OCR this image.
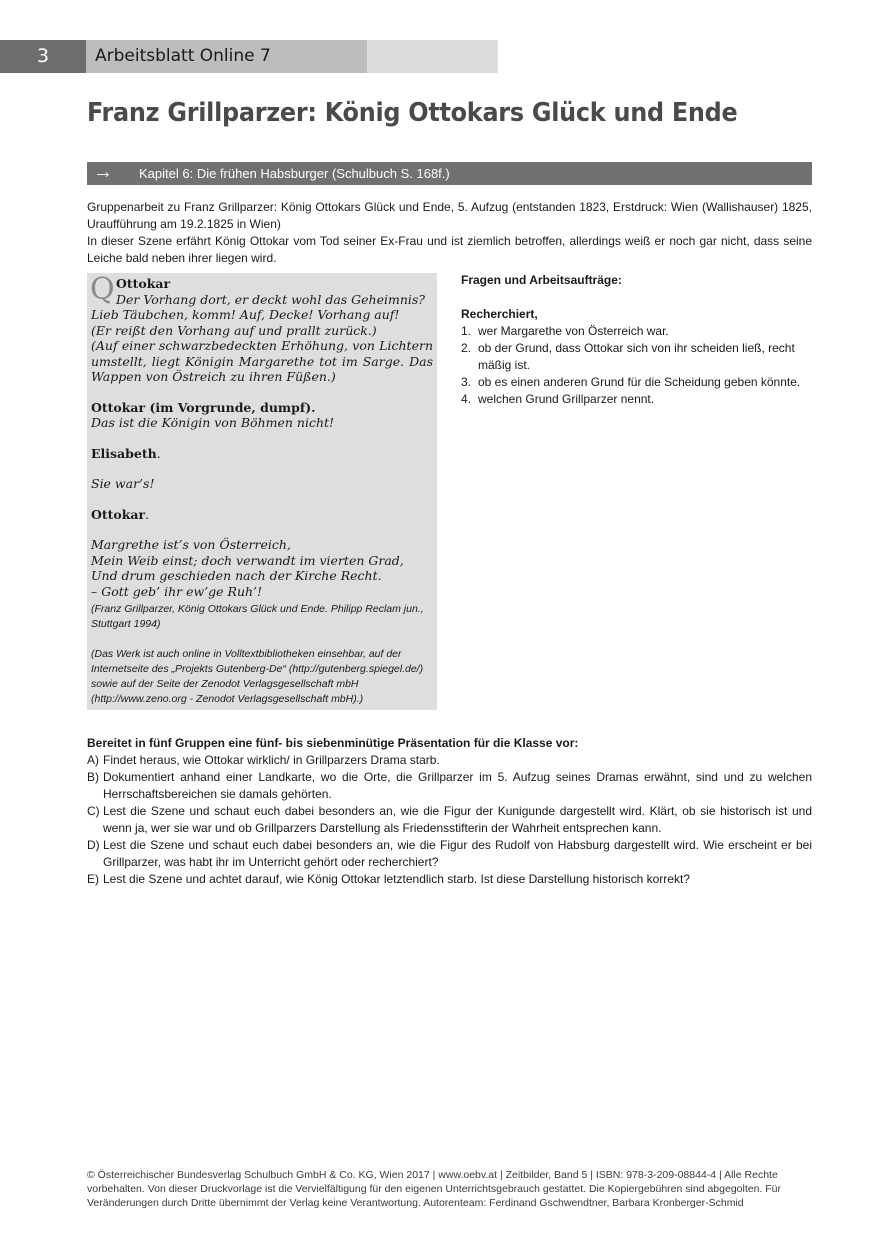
3	Arbeitsblatt Online 7
Franz Grillparzer: König Ottokars Glück und Ende
→ Kapitel 6: Die frühen Habsburger (Schulbuch S. 168f.)

Gruppenarbeit zu Franz Grillparzer: König Ottokars Glück und Ende, 5. Aufzug (entstanden 1823, Erstdruck: Wien (Wallishauser) 1825, Uraufführung am 19.2.1825 in Wien)

In dieser Szene erfährt König Ottokar vom Tod seiner Ex-Frau und ist ziemlich betroffen, allerdings weiß er noch gar nicht, dass seine Leiche bald neben ihrer liegen wird.

Q Ottokar
Der Vorhang dort, er deckt wohl das Geheimnis?
Lieb Täubchen, komm! Auf, Decke! Vorhang auf!
(Er reißt den Vorhang auf und prallt zurück.)
(Auf einer schwarzbedeckten Erhöhung, von Lichtern umstellt, liegt Königin Margarethe tot im Sarge. Das Wappen von Östreich zu ihren Füßen.)
Ottokar (im Vorgrunde, dumpf).
Das ist die Königin von Böhmen nicht!
Elisabeth.
Sie war’s!
Ottokar.
Margrethe ist’s von Österreich,
Mein Weib einst; doch verwandt im vierten Grad,
Und drum geschieden nach der Kirche Recht.
– Gott geb’ ihr ew’ge Ruh’!
(Franz Grillparzer, König Ottokars Glück und Ende. Philipp Reclam jun., Stuttgart 1994)
(Das Werk ist auch online in Volltextbibliotheken einsehbar, auf der Internetseite des „Projekts Gutenberg-De“ (http://gutenberg.spiegel.de/) sowie auf der Seite der Zenodot Verlagsgesellschaft mbH (http://www.zeno.org - Zenodot Verlagsgesellschaft mbH).)
Fragen und Arbeitsaufträge:
Recherchiert,
1. wer Margarethe von Österreich war.
2. ob der Grund, dass Ottokar sich von ihr scheiden ließ, recht mäßig ist.
3. ob es einen anderen Grund für die Scheidung geben könnte.
4. welchen Grund Grillparzer nennt.
Bereitet in fünf Gruppen eine fünf- bis siebenminütige Präsentation für die Klasse vor:
A) Findet heraus, wie Ottokar wirklich/ in Grillparzers Drama starb.
B) Dokumentiert anhand einer Landkarte, wo die Orte, die Grillparzer im 5. Aufzug seines Dramas erwähnt, sind und zu welchen Herrschaftsbereichen sie damals gehörten.
C) Lest die Szene und schaut euch dabei besonders an, wie die Figur der Kunigunde dargestellt wird. Klärt, ob sie historisch ist und wenn ja, wer sie war und ob Grillparzers Darstellung als Friedensstifterin der Wahrheit entsprechen kann.
D) Lest die Szene und schaut euch dabei besonders an, wie die Figur des Rudolf von Habsburg dargestellt wird. Wie erscheint er bei Grillparzer, was habt ihr im Unterricht gehört oder recherchiert?
E) Lest die Szene und achtet darauf, wie König Ottokar letztendlich starb. Ist diese Darstellung historisch korrekt?
© Österreichischer Bundesverlag Schulbuch GmbH & Co. KG, Wien 2017 | www.oebv.at | Zeitbilder, Band 5 | ISBN: 978-3-209-08844-4 | Alle Rechte
vorbehalten. Von dieser Druckvorlage ist die Vervielfältigung für den eigenen Unterrichtsgebrauch gestattet. Die Kopiergebühren sind abgegolten. Für
Veränderungen durch Dritte übernimmt der Verlag keine Verantwortung. Autorenteam: Ferdinand Gschwendtner, Barbara Kronberger-Schmid
